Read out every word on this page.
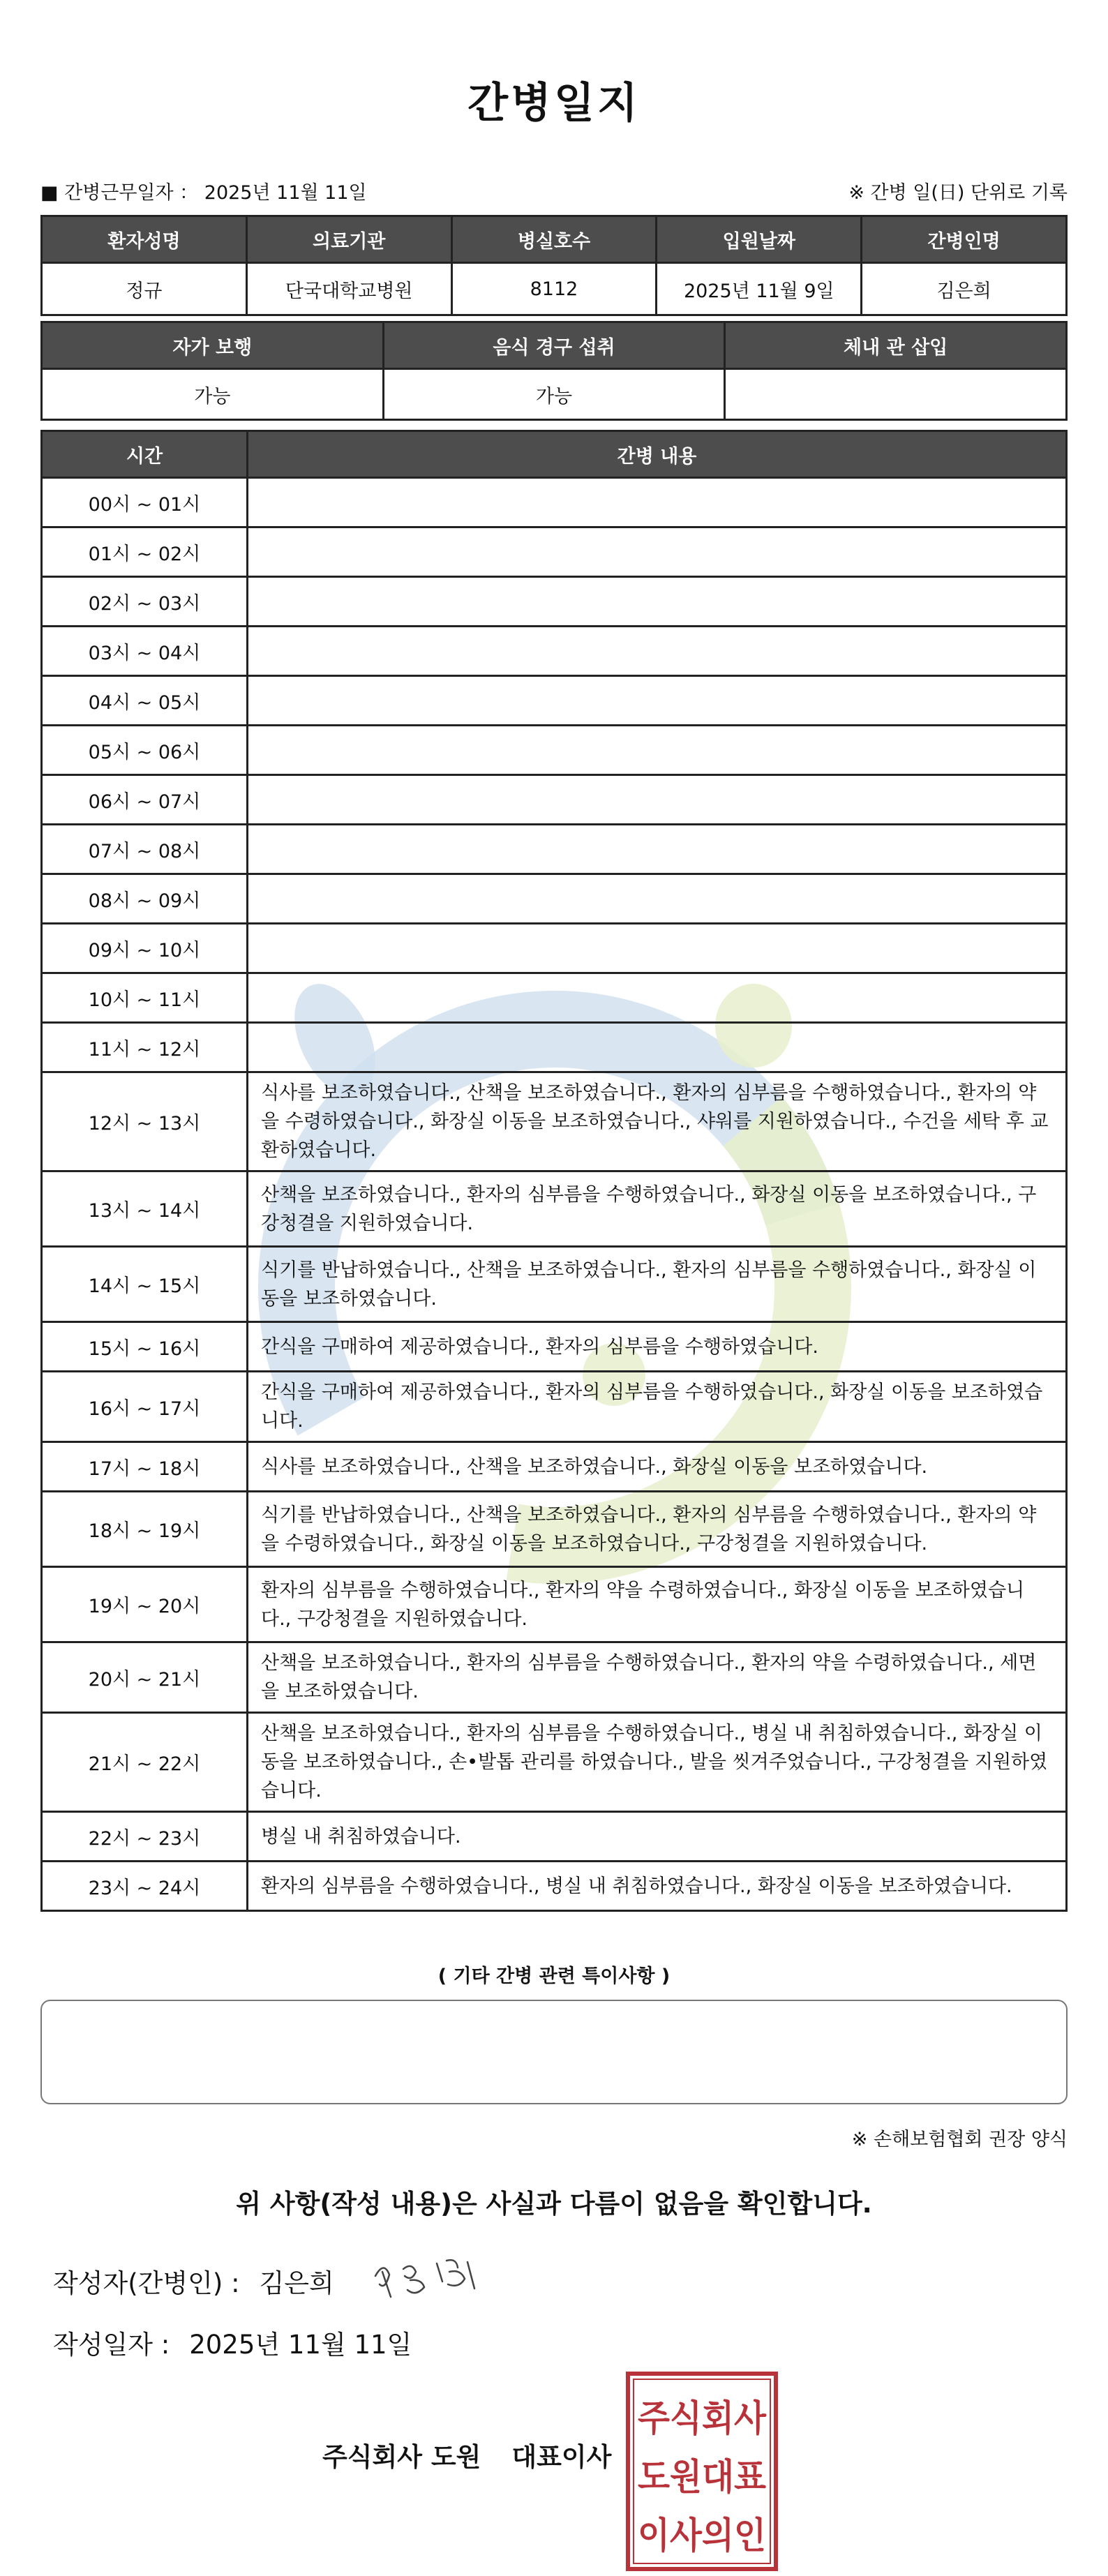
간병일지
■ 간병근무일자 ： 2025년 11월 11일	※ 간병 일(日) 단위로 기록
환자성명	의료기관	병실호수	입원날짜	간병인명
정규	단국대학교병원	8112	2025년 11월 9일	김은희
자가 보행	음식 경구 섭취	체내 관 삽입
가능	가능	
시간	간병 내용
00시 ~ 01시	
01시 ~ 02시	
02시 ~ 03시	
03시 ~ 04시	
04시 ~ 05시	
05시 ~ 06시	
06시 ~ 07시	
07시 ~ 08시	
08시 ~ 09시	
09시 ~ 10시	
10시 ~ 11시	
11시 ~ 12시	
12시 ~ 13시	식사를 보조하였습니다., 산책을 보조하였습니다., 환자의 심부름을 수행하였습니다., 환자의 약을 수령하였습니다., 화장실 이동을 보조하였습니다., 샤워를 지원하였습니다., 수건을 세탁 후 교환하였습니다.
13시 ~ 14시	산책을 보조하였습니다., 환자의 심부름을 수행하였습니다., 화장실 이동을 보조하였습니다., 구강청결을 지원하였습니다.
14시 ~ 15시	식기를 반납하였습니다., 산책을 보조하였습니다., 환자의 심부름을 수행하였습니다., 화장실 이동을 보조하였습니다.
15시 ~ 16시	간식을 구매하여 제공하였습니다., 환자의 심부름을 수행하였습니다.
16시 ~ 17시	간식을 구매하여 제공하였습니다., 환자의 심부름을 수행하였습니다., 화장실 이동을 보조하였습니다.
17시 ~ 18시	식사를 보조하였습니다., 산책을 보조하였습니다., 화장실 이동을 보조하였습니다.
18시 ~ 19시	식기를 반납하였습니다., 산책을 보조하였습니다., 환자의 심부름을 수행하였습니다., 환자의 약을 수령하였습니다., 화장실 이동을 보조하였습니다., 구강청결을 지원하였습니다.
19시 ~ 20시	환자의 심부름을 수행하였습니다., 환자의 약을 수령하였습니다., 화장실 이동을 보조하였습니다., 구강청결을 지원하였습니다.
20시 ~ 21시	산책을 보조하였습니다., 환자의 심부름을 수행하였습니다., 환자의 약을 수령하였습니다., 세면을 보조하였습니다.
21시 ~ 22시	산책을 보조하였습니다., 환자의 심부름을 수행하였습니다., 병실 내 취침하였습니다., 화장실 이동을 보조하였습니다., 손•발톱 관리를 하였습니다., 발을 씻겨주었습니다., 구강청결을 지원하였습니다.
22시 ~ 23시	병실 내 취침하였습니다.
23시 ~ 24시	환자의 심부름을 수행하였습니다., 병실 내 취침하였습니다., 화장실 이동을 보조하였습니다.
( 기타 간병 관련 특이사항 )
※ 손해보험협회 권장 양식
위 사항(작성 내용)은 사실과 다름이 없음을 확인합니다.
작성자(간병인) : 김은희
작성일자 : 2025년 11월 11일
주식회사 도원 대표이사
주식회사
도원대표
이사의인
